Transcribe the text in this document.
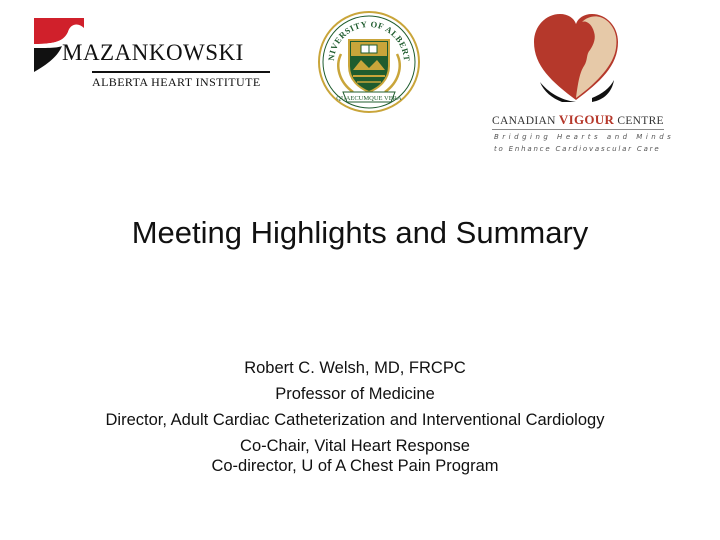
MAZANKOWSKI
ALBERTA HEART INSTITUTE
NIVERSITY OF ALBERT
QUAECUMQUE VERA
CANADIAN VIGOUR CENTRE
Bridging Hearts and Minds
to Enhance Cardiovascular Care
Meeting Highlights and Summary
Robert C. Welsh, MD, FRCPC
Professor of Medicine
Director, Adult Cardiac Catheterization and Interventional Cardiology
Co-Chair, Vital Heart Response
Co-director, U of A Chest Pain Program
